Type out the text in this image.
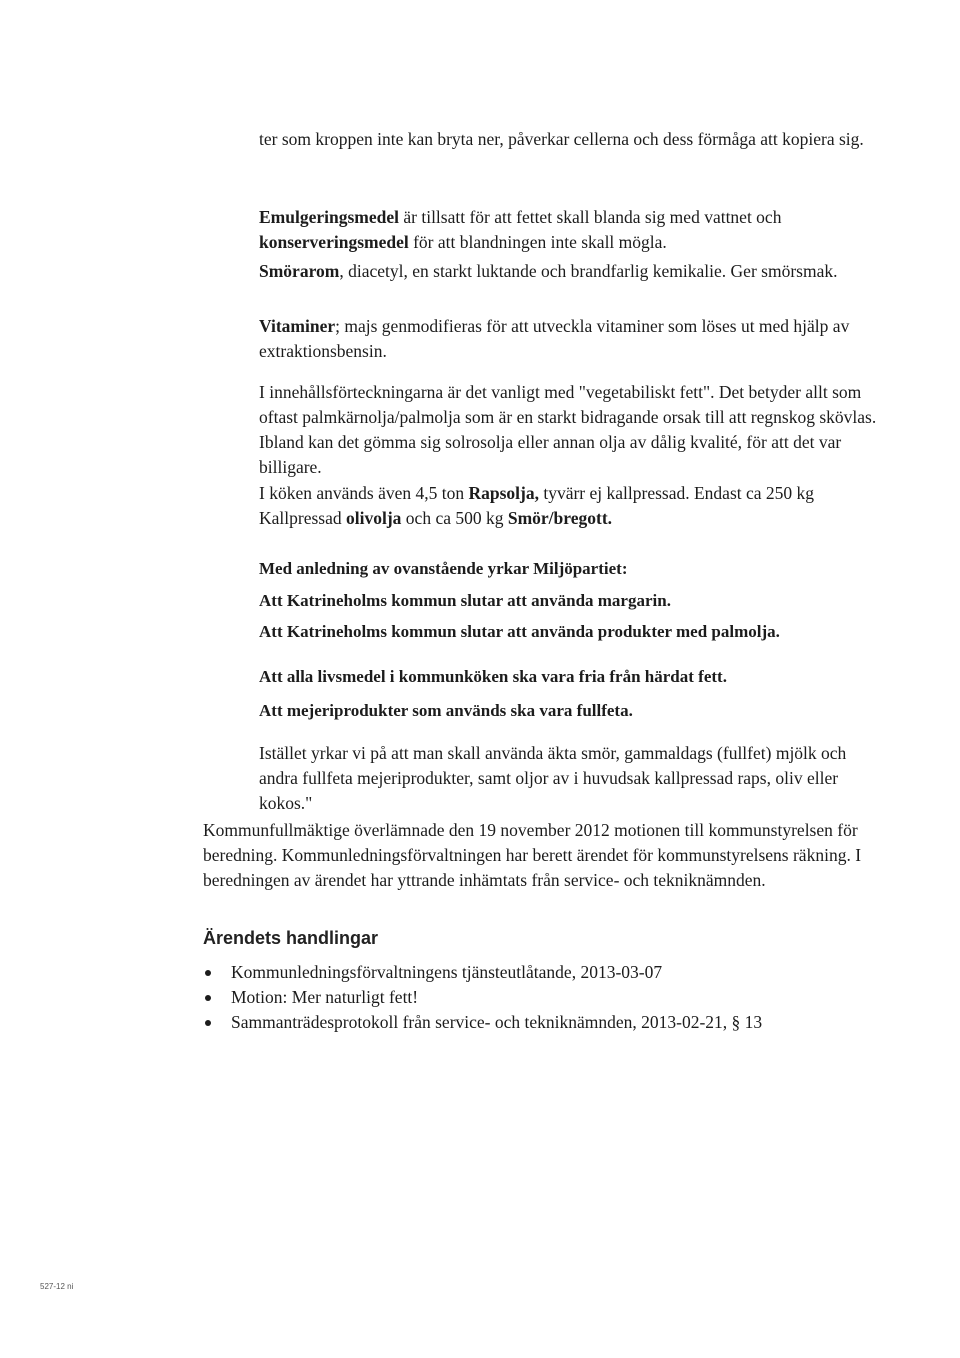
ter som kroppen inte kan bryta ner, påverkar cellerna och dess förmåga att kopiera sig.

Emulgeringsmedel är tillsatt för att fettet skall blanda sig med vattnet och konserveringsmedel för att blandningen inte skall mögla.

Smörarom, diacetyl, en starkt luktande och brandfarlig kemikalie. Ger smörsmak.

Vitaminer; majs genmodifieras för att utveckla vitaminer som löses ut med hjälp av extraktionsbensin.

I innehållsförteckningarna är det vanligt med "vegetabiliskt fett". Det betyder allt som oftast palmkärnolja/palmolja som är en starkt bidragande orsak till att regnskog skövlas. Ibland kan det gömma sig solrosolja eller annan olja av dålig kvalité, för att det var billigare.

I köken används även 4,5 ton Rapsolja, tyvärr ej kallpressad. Endast ca 250 kg Kallpressad olivolja och ca 500 kg Smör/bregott.

Med anledning av ovanstående yrkar Miljöpartiet:

Att Katrineholms kommun slutar att använda margarin.

Att Katrineholms kommun slutar att använda produkter med palmolja.

Att alla livsmedel i kommunköken ska vara fria från härdat fett.

Att mejeriprodukter som används ska vara fullfeta.

Istället yrkar vi på att man skall använda äkta smör, gammaldags (fullfet) mjölk och andra fullfeta mejeriprodukter, samt oljor av i huvudsak kallpressad raps, oliv eller kokos."

Kommunfullmäktige överlämnade den 19 november 2012 motionen till kommunstyrelsen för beredning. Kommunledningsförvaltningen har berett ärendet för kommunstyrelsens räkning. I beredningen av ärendet har yttrande inhämtats från service- och tekniknämnden.

Ärendets handlingar
Kommunledningsförvaltningens tjänsteutlåtande, 2013-03-07
Motion: Mer naturligt fett!
Sammanträdesprotokoll från service- och tekniknämnden, 2013-02-21, § 13
527-12 ni
